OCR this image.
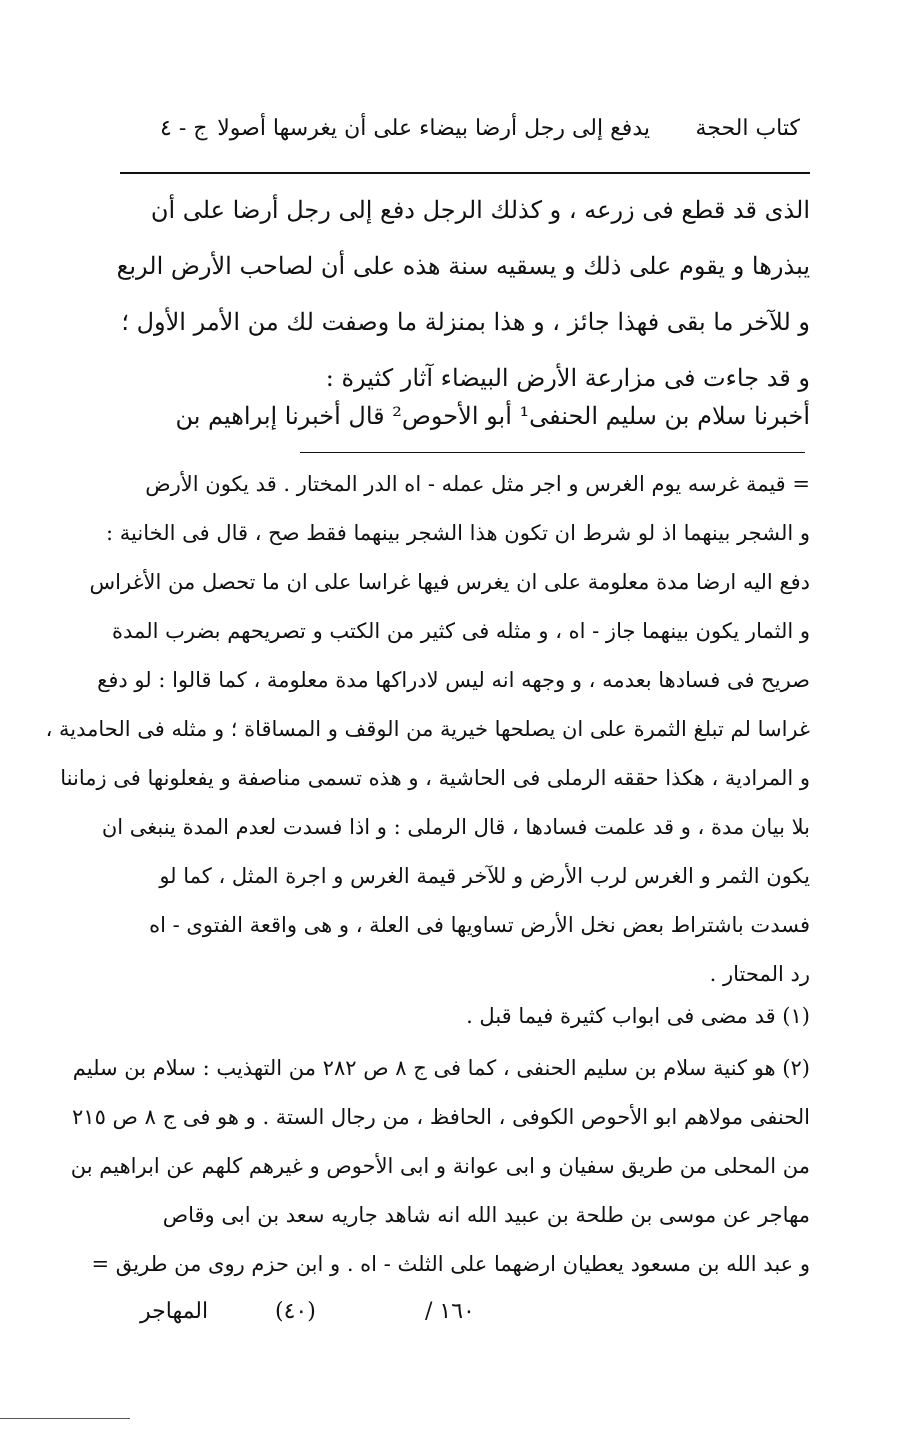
كتاب الحجة
يدفع إلى رجل أرضا بيضاء على أن يغرسها أصولا
ج - ٤
الذى قد قطع فى زرعه ، و كذلك الرجل دفع إلى رجل أرضا على أن
يبذرها و يقوم على ذلك و يسقيه سنة هذه على أن لصاحب الأرض الربع
و للآخر ما بقى فهذا جائز ، و هذا بمنزلة ما وصفت لك من الأمر الأول ؛
و قد جاءت فى مزارعة الأرض البيضاء آثار كثيرة :
أخبرنا سلام بن سليم الحنفى¹ أبو الأحوص² قال أخبرنا إبراهيم بن
= قيمة غرسه يوم الغرس و اجر مثل عمله - اه الدر المختار . قد يكون الأرض
و الشجر بينهما اذ لو شرط ان تكون هذا الشجر بينهما فقط صح ، قال فى الخانية :
دفع اليه ارضا مدة معلومة على ان يغرس فيها غراسا على ان ما تحصل من الأغراس
و الثمار يكون بينهما جاز - اه ، و مثله فى كثير من الكتب و تصريحهم بضرب المدة
صريح فى فسادها بعدمه ، و وجهه انه ليس لادراكها مدة معلومة ، كما قالوا : لو دفع
غراسا لم تبلغ الثمرة على ان يصلحها خيرية من الوقف و المساقاة ؛ و مثله فى الحامدية ،
و المرادية ، هكذا حققه الرملى فى الحاشية ، و هذه تسمى مناصفة و يفعلونها فى زماننا
بلا بيان مدة ، و قد علمت فسادها ، قال الرملى : و اذا فسدت لعدم المدة ينبغى ان
يكون الثمر و الغرس لرب الأرض و للآخر قيمة الغرس و اجرة المثل ، كما لو
فسدت باشتراط بعض نخل الأرض تساويها فى العلة ، و هى واقعة الفتوى - اه
رد المحتار .
(١) قد مضى فى ابواب كثيرة فيما قبل .
(٢) هو كنية سلام بن سليم الحنفى ، كما فى ج ٨ ص ٢٨٢ من التهذيب : سلام بن سليم
الحنفى مولاهم ابو الأحوص الكوفى ، الحافظ ، من رجال الستة . و هو فى ج ٨ ص ٢١٥
من المحلى من طريق سفيان و ابى عوانة و ابى الأحوص و غيرهم كلهم عن ابراهيم بن
مهاجر عن موسى بن طلحة بن عبيد الله انه شاهد جاريه سعد بن ابى وقاص
و عبد الله بن مسعود يعطيان ارضهما على الثلث - اه . و ابن حزم روى من طريق =
١٦٠ /
(٤٠)
المهاجر
